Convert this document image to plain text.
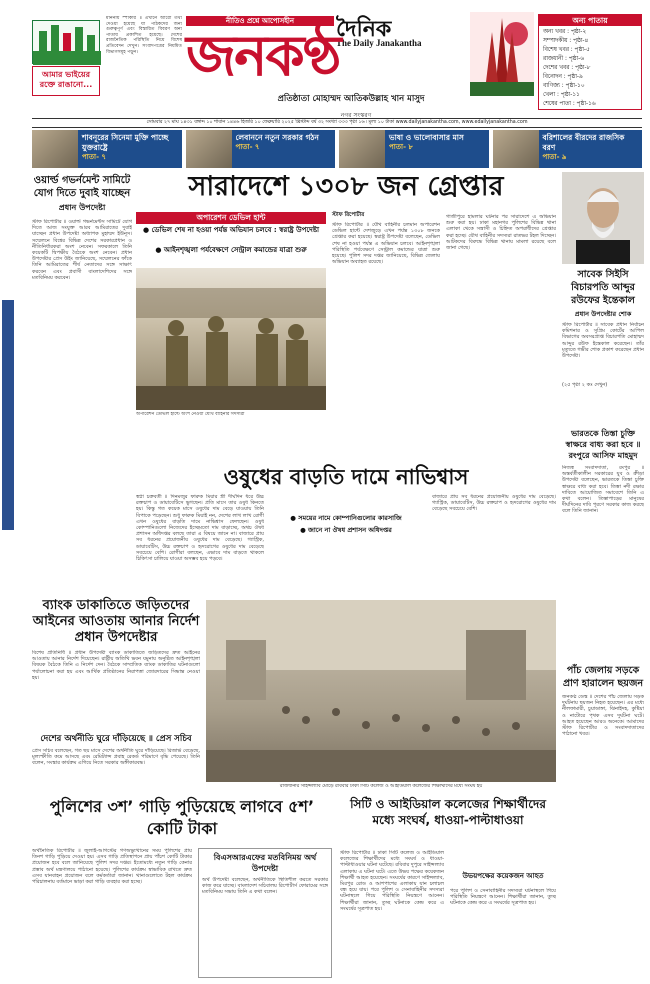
আমার ভাইয়ের রক্তে রাঙানো...
মাননীয় স্পীকার ॥ এখানে আরো তথ্য দেওয়া হয়েছে যা পাঠকদের জন্য গুরুত্বপূর্ণ এবং বিস্তারিত বিবরণ অন্য পাতায় প্রকাশিত হয়েছে। দেশের রাজনৈতিক পরিস্থিতি নিয়ে বিশেষ প্রতিবেদন দেখুন। সংবাদপত্রের নিয়মিত বিভাগসমূহ পড়ুন।
নীতিও প্রশ্নে আপোসহীন	দৈনিক
The Daily Janakantha
জনকণ্ঠ
প্রতিষ্ঠাতা মোহাম্মদ আতিকউল্লাহ খান মাসুদ
নগর সংস্করণ
অন্য পাতায়
অন্য খবর : পৃষ্ঠা-২
সম্পাদকীয় : পৃষ্ঠা-৪
বিশেষ খবর : পৃষ্ঠা-৫
রাজধানী : পৃষ্ঠা-৬
দেশের খবর : পৃষ্ঠা-৮
বিনোদন : পৃষ্ঠা-৯
বাণিজ্য : পৃষ্ঠা-১০
খেলা : পৃষ্ঠা-১১
শেষের পাতা : পৃষ্ঠা-১৬
সোমবার ২৭ মাঘ ১৪৩১ বঙ্গাব্দ ১০ শাবান ১৪৪৬ হিজরি ১০ ফেব্রুয়ারি ২০২৫ খ্রিস্টাব্দ বর্ষ ৩২ সংখ্যা ৩৩৩ পৃষ্ঠা ১৬ ৷ মূল্য ১০ টাকা www.dailyjanakantha.com, www.edailyjanakantha.com
শাবনূরের সিনেমা মুক্তি পাচ্ছে যুক্তরাষ্ট্রে
পাতা- ৭
লেবাননে নতুন সরকার গঠন
পাতা- ৭
ভাষা ও ভালোবাসার মাস
পাতা- ৮
বরিশালের বীরদের রাজসিক বরণ
পাতা- ৯
ওয়ার্ল্ড গভর্নমেন্ট সামিটে যোগ দিতে দুবাই যাচ্ছেন
প্রধান উপদেষ্টা
স্টাফ রিপোর্টার ॥ ওয়ার্ল্ড গভর্নমেন্টস সামিটে যোগ দিতে আজ সংযুক্ত আরব আমিরাতের দুবাই যাচ্ছেন প্রধান উপদেষ্টা অধ্যাপক মুহাম্মদ ইউনূস। সম্মেলনে বিশ্বের বিভিন্ন দেশের সরকারপ্রধান ও নীতিনির্ধারকরা অংশ নেবেন। সফরকালে তিনি কয়েকটি দ্বিপক্ষীয় বৈঠকে অংশ নেবেন। প্রধান উপদেষ্টার প্রেস উইং জানিয়েছে, সম্মেলনের ফাঁকে তিনি আমিরাতের শীর্ষ নেতাদের সঙ্গে সাক্ষাৎ করবেন এবং প্রবাসী বাংলাদেশিদের সঙ্গে মতবিনিময় করবেন।
সারাদেশে ১৩০৮ জন গ্রেপ্তার
অপারেশন ডেভিল হান্ট
● ডেভিল শেষ না হওয়া পর্যন্ত অভিযান চলবে : স্বরাষ্ট্র উপদেষ্টা
● আইনশৃঙ্খলা পর্যবেক্ষণে সেন্ট্রাল কমান্ডের যাত্রা শুরু
অপারেশন ডেভিল হান্টে অংশ নেওয়া যৌথ বাহিনীর সদস্যরা
স্টাফ রিপোর্টার
স্টাফ রিপোর্টার ॥ যৌথ বাহিনীর চলমান অপারেশন ডেভিল হান্টে দেশজুড়ে এখন পর্যন্ত ১৩০৮ জনকে গ্রেপ্তার করা হয়েছে। স্বরাষ্ট্র উপদেষ্টা বলেছেন, ডেভিল শেষ না হওয়া পর্যন্ত এ অভিযান চলবে। আইনশৃঙ্খলা পরিস্থিতি পর্যবেক্ষণে সেন্ট্রাল কমান্ডের যাত্রা শুরু হয়েছে। পুলিশ সদর দপ্তর জানিয়েছে, বিভিন্ন জেলায় অভিযান অব্যাহত রয়েছে।
গাজীপুরে হামলার ঘটনার পর সারাদেশে এ অভিযান শুরু করা হয়। ঢাকা মহানগর পুলিশের বিভিন্ন থানা এলাকা থেকে সন্ত্রাসী ও চিহ্নিত অপরাধীদের গ্রেপ্তার করা হচ্ছে। যৌথ বাহিনীর সদস্যরা রাতভর টহল দিচ্ছেন। আটকদের বিরুদ্ধে বিভিন্ন থানায় মামলা রয়েছে বলে জানা গেছে।
সাবেক সিইসি বিচারপতি আব্দুর রউফের ইন্তেকাল
প্রধান উপদেষ্টার শোক
স্টাফ রিপোর্টার ॥ সাবেক প্রধান নির্বাচন কমিশনার ও সুপ্রিম কোর্টের আপিল বিভাগের অবসরপ্রাপ্ত বিচারপতি মোহাম্মদ আব্দুর রউফ ইন্তেকাল করেছেন। তাঁর মৃত্যুতে গভীর শোক প্রকাশ করেছেন প্রধান উপদেষ্টা।
(২৫ পৃষ্ঠা ২ কঃ দেখুন)
ওষুধের বাড়তি দামে নাভিশ্বাস
● সময়ের নামে কোম্পানিগুলোর কারসাজি
● জানে না ঔষধ প্রশাসন অধিদপ্তর
স্বপ্না চক্রবর্তী ॥ দিনমজুর ফারুক মিয়ার স্ত্রী দীর্ঘদিন ধরে উচ্চ রক্তচাপ ও ডায়াবেটিসে ভুগছেন। প্রতি মাসে তার ওষুধ কিনতে হয়। কিন্তু গত কয়েক মাসে ওষুধের দাম বেড়ে যাওয়ায় তিনি বিপাকে পড়েছেন। শুধু ফারুক মিয়াই নন, দেশের লাখ লাখ রোগী এখন ওষুধের বাড়তি দামে নাভিশ্বাস ফেলছেন। ওষুধ কোম্পানিগুলো নিজেদের ইচ্ছেমতো দাম বাড়াচ্ছে, অথচ ঔষধ প্রশাসন অধিদপ্তর বলছে তারা এ বিষয়ে জানে না। বাজারে প্রায় সব ধরনের প্রয়োজনীয় ওষুধের দাম বেড়েছে। গ্যাস্ট্রিক, ডায়াবেটিস, উচ্চ রক্তচাপ ও হৃদরোগের ওষুধের দাম বেড়েছে সবচেয়ে বেশি। রোগীরা বলছেন, এভাবে দাম বাড়তে থাকলে চিকিৎসা চালিয়ে যাওয়া অসম্ভব হয়ে পড়বে।
বাজারে প্রায় সব ধরনের প্রয়োজনীয় ওষুধের দাম বেড়েছে। গ্যাস্ট্রিক, ডায়াবেটিস, উচ্চ রক্তচাপ ও হৃদরোগের ওষুধের দাম বেড়েছে সবচেয়ে বেশি।
ভারতকে তিস্তা চুক্তি স্বাক্ষরে বাধ্য করা হবে ॥ রংপুরে আসিফ মাহমুদ
নিজস্ব সংবাদদাতা, রংপুর ॥ অন্তর্বর্তীকালীন সরকারের যুব ও ক্রীড়া উপদেষ্টা বলেছেন, ভারতকে তিস্তা চুক্তি স্বাক্ষরে বাধ্য করা হবে। তিস্তা নদী রক্ষার দাবিতে আয়োজিত সমাবেশে তিনি এ কথা বলেন। তিস্তাপাড়ের মানুষের দীর্ঘদিনের দাবি পূরণে সরকার কাজ করছে বলে তিনি জানান।
ব্যাংক ডাকাতিতে জড়িতদের আইনের আওতায় আনার নির্দেশ প্রধান উপদেষ্টার
বিশেষ প্রতিনিধি ॥ প্রধান উপদেষ্টা ব্যাংক ডাকাতিতে জড়িতদের দ্রুত আইনের আওতায় আনার নির্দেশ দিয়েছেন। রাষ্ট্রীয় অতিথি ভবন যমুনায় অনুষ্ঠিত আইনশৃঙ্খলা বিষয়ক বৈঠকে তিনি এ নির্দেশ দেন। বৈঠকে সাম্প্রতিক ব্যাংক ডাকাতির ঘটনাগুলো পর্যালোচনা করা হয় এবং আর্থিক প্রতিষ্ঠানের নিরাপত্তা জোরদারের সিদ্ধান্ত নেওয়া হয়।
দেশের অর্থনীতি ঘুরে দাঁড়িয়েছে ॥ প্রেস সচিব
প্রেস সচিব বলেছেন, গত ছয় মাসে দেশের অর্থনীতি ঘুরে দাঁড়িয়েছে। রিজার্ভ বেড়েছে, মূল্যস্ফীতি কমে আসছে এবং রেমিট্যান্স প্রবাহ রেকর্ড পরিমাণে বৃদ্ধি পেয়েছে। তিনি বলেন, সংস্কার কার্যক্রম এগিয়ে নিতে সরকার অঙ্গীকারবদ্ধ।
রাজধানীর সাইন্সল্যাব মোড়ে রবিবার ঢাকা সিটি কলেজ ও আইডিয়াল কলেজের শিক্ষার্থীদের মধ্যে সংঘর্ষ হয়
পাঁচ জেলায় সড়কে প্রাণ হারালেন ছয়জন
জনকণ্ঠ ডেস্ক ॥ দেশের পাঁচ জেলায় সড়ক দুর্ঘটনায় ছয়জন নিহত হয়েছেন। এর মধ্যে নীলফামারী, চুয়াডাঙ্গা, ঝিনাইদহ, কুষ্টিয়া ও নাটোরে পৃথক এসব দুর্ঘটনা ঘটে। আহত হয়েছেন আরও অনেকে। আমাদের স্টাফ রিপোর্টার ও সংবাদদাতাদের পাঠানো খবর।
পুলিশের ৩শ’ গাড়ি পুড়িয়েছে লাগবে ৫শ’ কোটি টাকা
অর্থনৈতিক রিপোর্টার ॥ জুলাই-আগস্টের গণঅভ্যুত্থানের সময় পুলিশের প্রায় তিনশ গাড়ি পুড়িয়ে দেওয়া হয়। এসব গাড়ি প্রতিস্থাপনে প্রায় পাঁচশ কোটি টাকার প্রয়োজন হবে বলে জানিয়েছে পুলিশ সদর দপ্তর। ইতোমধ্যে নতুন গাড়ি কেনার প্রস্তাব অর্থ মন্ত্রণালয়ে পাঠানো হয়েছে। পুলিশের কার্যক্রম স্বাভাবিক রাখতে দ্রুত এসব যানবাহন প্রয়োজন বলে কর্মকর্তারা জানান। থানাগুলোতে টহল কার্যক্রম পরিচালনায় বর্তমানে ভাড়া করা গাড়ি ব্যবহার করা হচ্ছে।
বিএসআরএফের মতবিনিময় অর্থ উপদেষ্টা
অর্থ উপদেষ্টা বলেছেন, অর্থনীতিকে স্থিতিশীল করতে সরকার কাজ করে যাচ্ছে। বাংলাদেশ সচিবালয় রিপোর্টার্স ফোরামের সঙ্গে মতবিনিময় সভায় তিনি এ কথা বলেন।
সিটি ও আইডিয়াল কলেজের শিক্ষার্থীদের মধ্যে সংঘর্ষ, ধাওয়া-পাল্টাধাওয়া
স্টাফ রিপোর্টার ॥ ঢাকা সিটি কলেজ ও আইডিয়াল কলেজের শিক্ষার্থীদের মধ্যে সংঘর্ষ ও ধাওয়া-পাল্টাধাওয়ার ঘটনা ঘটেছে। রবিবার দুপুরে সাইন্সল্যাব এলাকায় এ ঘটনা ঘটে। এতে উভয় পক্ষের কয়েকজন শিক্ষার্থী আহত হয়েছেন। সংঘর্ষের কারণে সাইন্সল্যাব, মিরপুর রোড ও আশপাশের এলাকায় যান চলাচল বন্ধ হয়ে যায়। পরে পুলিশ ও সেনাবাহিনীর সদস্যরা ঘটনাস্থলে গিয়ে পরিস্থিতি নিয়ন্ত্রণে আনেন। শিক্ষার্থীরা জানান, তুচ্ছ ঘটনাকে কেন্দ্র করে এ সংঘর্ষের সূত্রপাত হয়।
উভয়পক্ষের কয়েকজন আহত
পরে পুলিশ ও সেনাবাহিনীর সদস্যরা ঘটনাস্থলে গিয়ে পরিস্থিতি নিয়ন্ত্রণে আনেন। শিক্ষার্থীরা জানান, তুচ্ছ ঘটনাকে কেন্দ্র করে এ সংঘর্ষের সূত্রপাত হয়।
